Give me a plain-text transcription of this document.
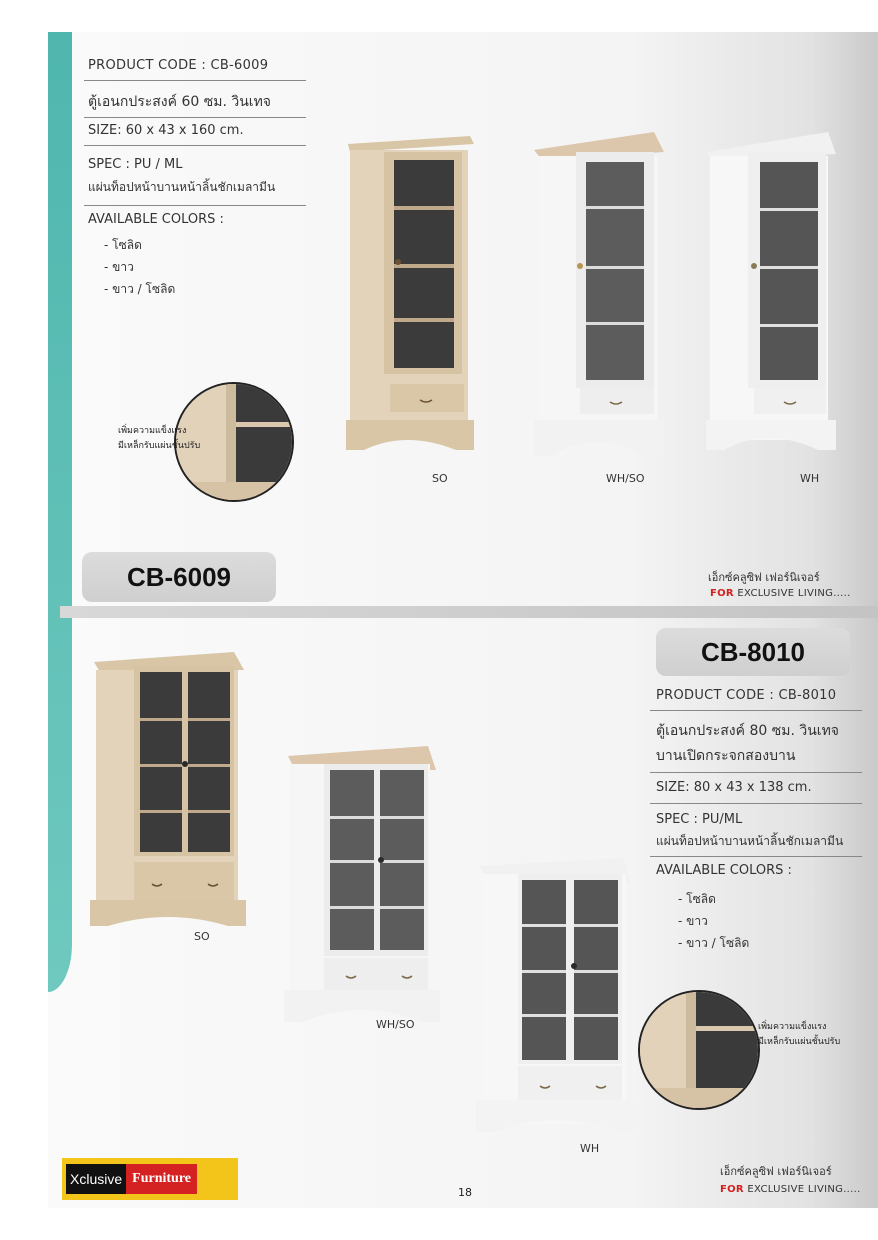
PRODUCT CODE : CB-6009
ตู้เอนกประสงค์ 60 ซม. วินเทจ
SIZE: 60 x 43 x 160 cm.
SPEC : PU / ML
แผ่นท็อปหน้าบานหน้าลิ้นชักเมลามีน
AVAILABLE COLORS :
- โซลิด
- ขาว
- ขาว / โซลิด
เพิ่มความแข็งแรง
มีเหล็กรับแผ่นชั้นปรับ
SO	WH/SO	WH
CB-6009	เอ็กซ์คลูซิฟ เฟอร์นิเจอร์
FOR EXCLUSIVE LIVING.....
CB-8010
PRODUCT CODE : CB-8010
ตู้เอนกประสงค์ 80 ซม. วินเทจ
บานเปิดกระจกสองบาน
SIZE: 80 x 43 x 138 cm.
SPEC : PU/ML
แผ่นท็อปหน้าบานหน้าลิ้นชักเมลามีน
AVAILABLE COLORS :
- โซลิด
- ขาว
- ขาว / โซลิด
เพิ่มความแข็งแรง
มีเหล็กรับแผ่นชั้นปรับ
SO
WH/SO
WH
เอ็กซ์คลูซิฟ เฟอร์นิเจอร์
FOR EXCLUSIVE LIVING.....
Xclusive Furniture
18
